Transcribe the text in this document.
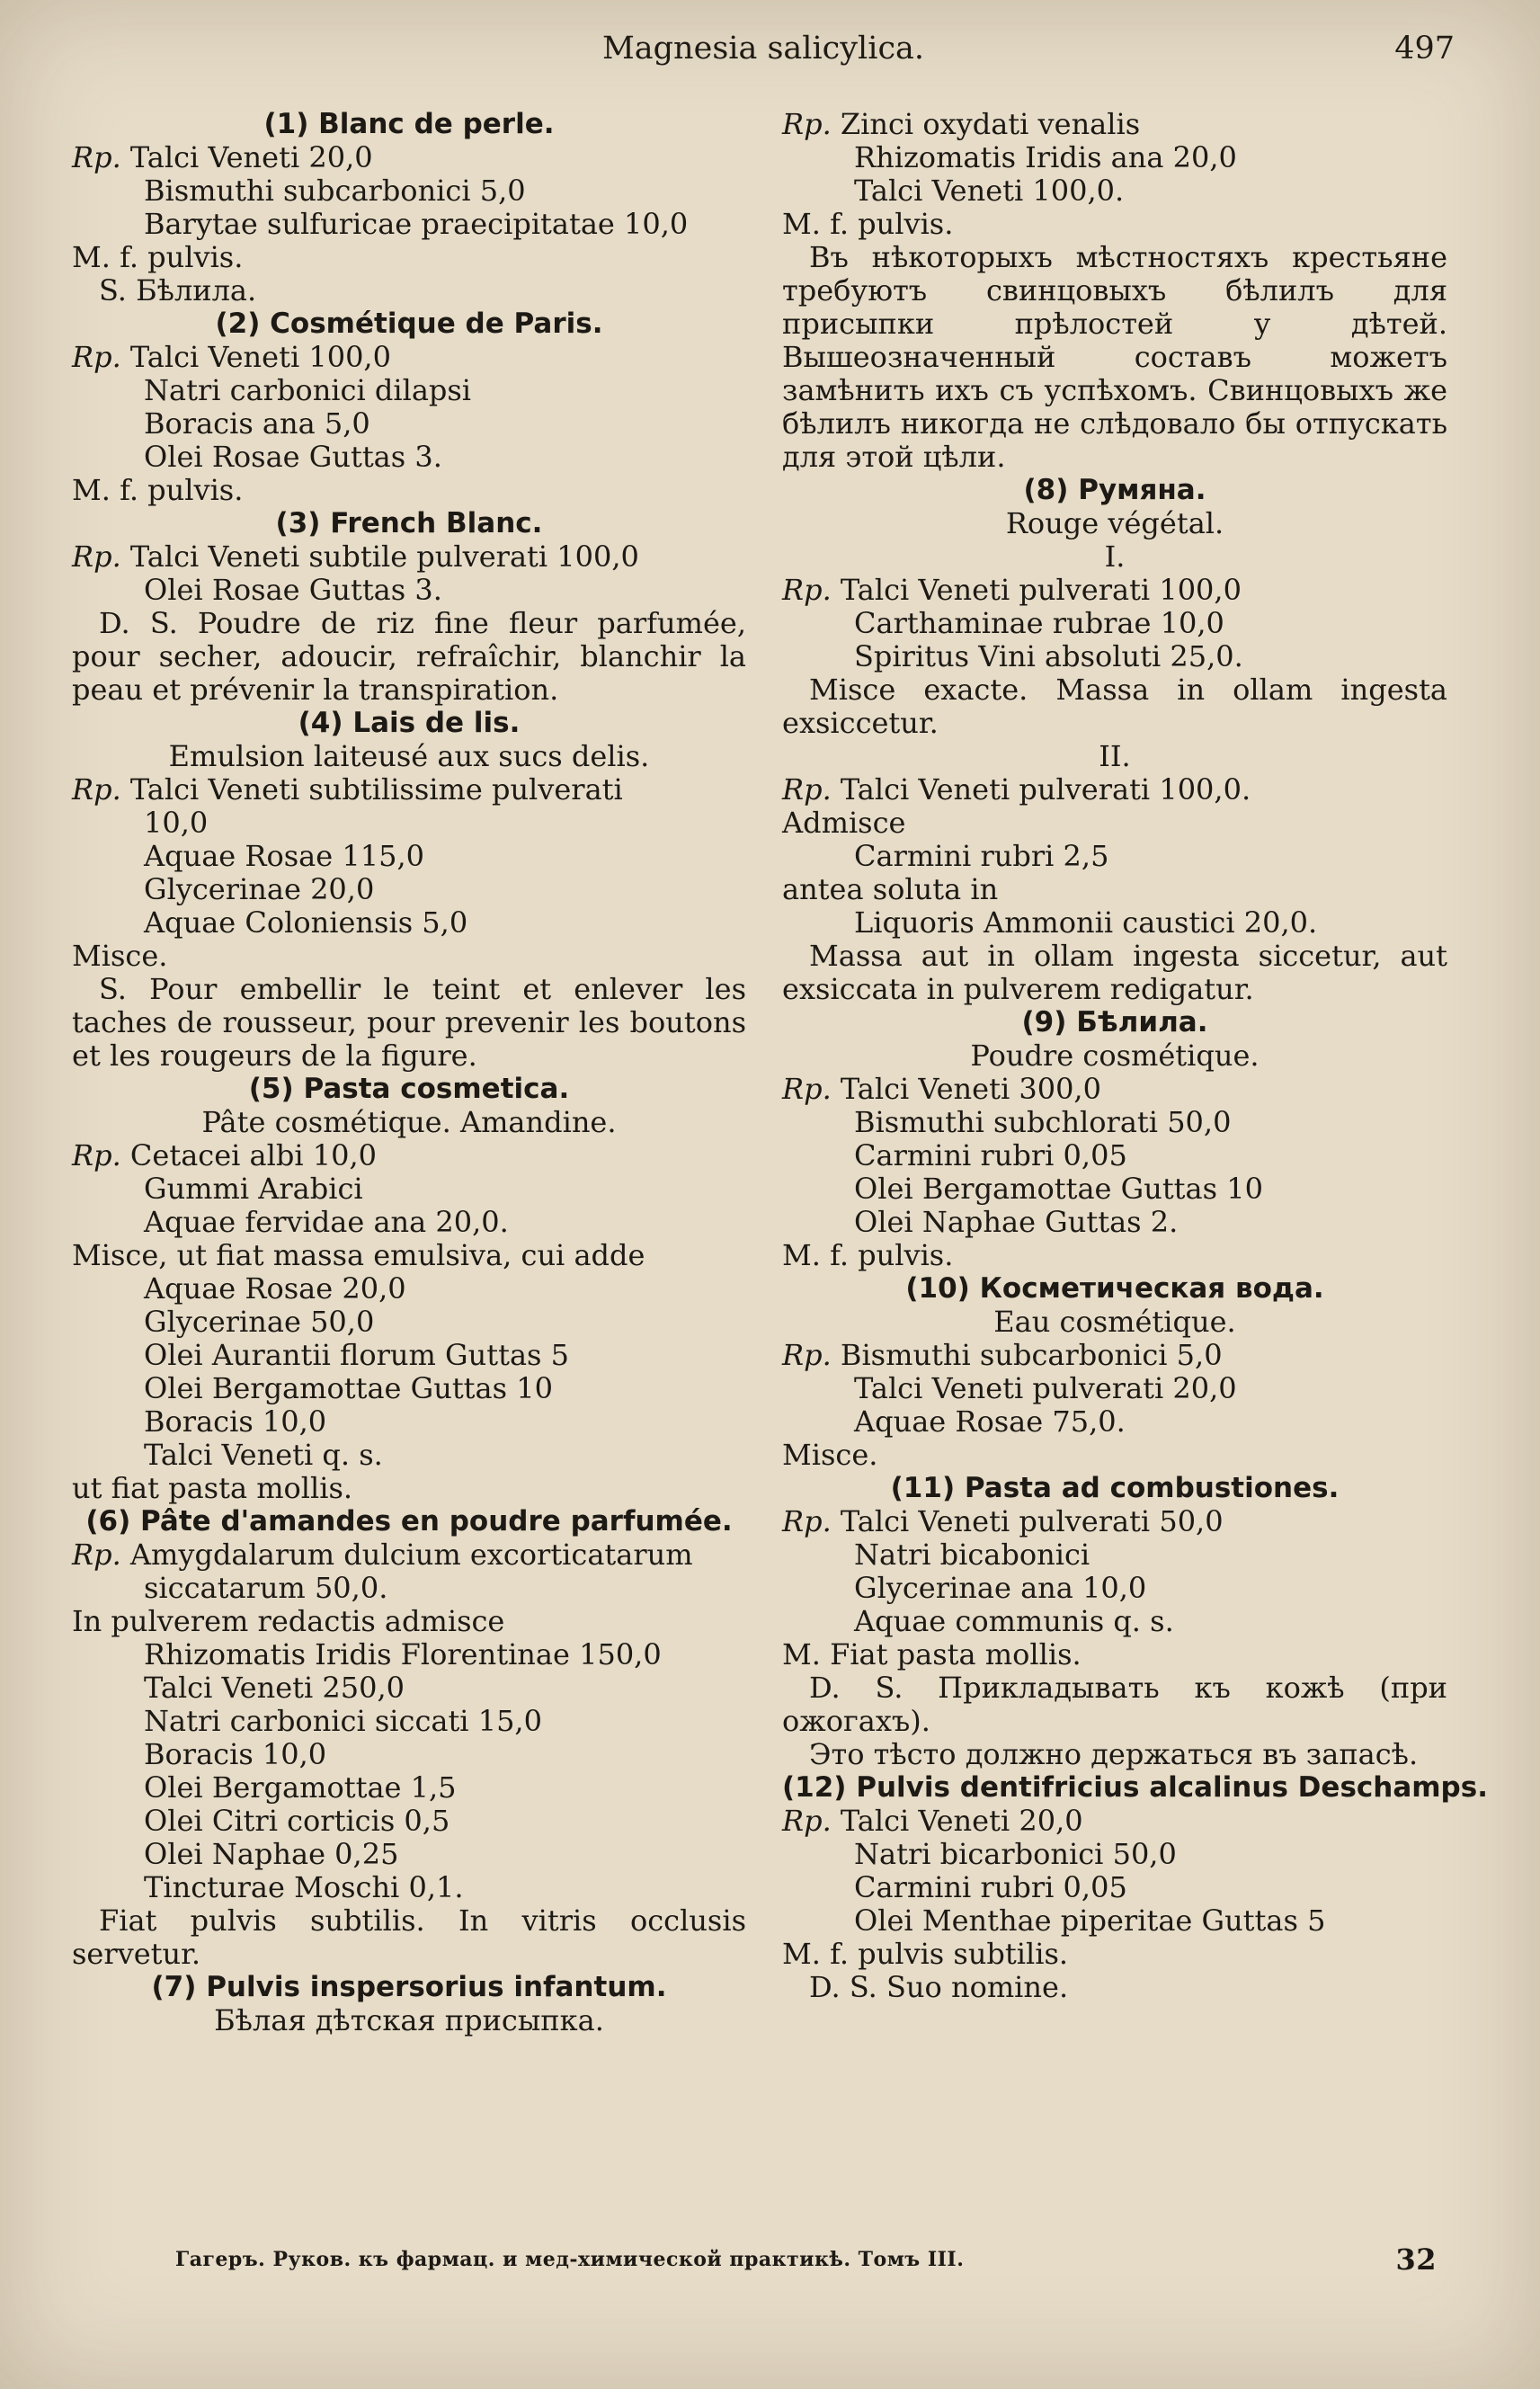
Magnesia salicylica.	497
(1) Blanc de perle.
Rp. Talci Veneti 20,0
Bismuthi subcarbonici 5,0
Barytae sulfuricae praecipitatae 10,0
M. f. pulvis.
S. Бѣлила.
(2) Cosmétique de Paris.
Rp. Talci Veneti 100,0
Natri carbonici dilapsi
Boracis ana 5,0
Olei Rosae Guttas 3.
M. f. pulvis.
(3) French Blanc.
Rp. Talci Veneti subtile pulverati 100,0
Olei Rosae Guttas 3.
D. S. Poudre de riz fine fleur parfumée, pour secher, adoucir, refraîchir, blanchir la peau et prévenir la transpiration.
(4) Lais de lis.
Emulsion laiteusé aux sucs delis.
Rp. Talci Veneti subtilissime pulverati
10,0
Aquae Rosae 115,0
Glycerinae 20,0
Aquae Coloniensis 5,0
Misce.
S. Pour embellir le teint et enlever les taches de rousseur, pour prevenir les boutons et les rougeurs de la figure.
(5) Pasta cosmetica.
Pâte cosmétique. Amandine.
Rp. Cetacei albi 10,0
Gummi Arabici
Aquae fervidae ana 20,0.
Misce, ut fiat massa emulsiva, cui adde
Aquae Rosae 20,0
Glycerinae 50,0
Olei Aurantii florum Guttas 5
Olei Bergamottae Guttas 10
Boracis 10,0
Talci Veneti q. s.
ut fiat pasta mollis.
(6) Pâte d'amandes en poudre parfumée.
Rp. Amygdalarum dulcium excorticatarum
siccatarum 50,0.
In pulverem redactis admisce
Rhizomatis Iridis Florentinae 150,0
Talci Veneti 250,0
Natri carbonici siccati 15,0
Boracis 10,0
Olei Bergamottae 1,5
Olei Citri corticis 0,5
Olei Naphae 0,25
Tincturae Moschi 0,1.
Fiat pulvis subtilis. In vitris occlusis servetur.
(7) Pulvis inspersorius infantum.
Бѣлая дѣтская присыпка.
Rp. Zinci oxydati venalis
Rhizomatis Iridis ana 20,0
Talci Veneti 100,0.
M. f. pulvis.
Въ нѣкоторыхъ мѣстностяхъ крестьяне требуютъ свинцовыхъ бѣлилъ для присыпки прѣлостей у дѣтей. Вышеозначенный составъ можетъ замѣнить ихъ съ успѣхомъ. Свинцовыхъ же бѣлилъ никогда не слѣдовало бы отпускать для этой цѣли.
(8) Румяна.
Rouge végétal.
I.
Rp. Talci Veneti pulverati 100,0
Carthaminae rubrae 10,0
Spiritus Vini absoluti 25,0.
Misce exacte. Massa in ollam ingesta exsiccetur.
II.
Rp. Talci Veneti pulverati 100,0.
Admisce
Carmini rubri 2,5
antea soluta in
Liquoris Ammonii caustici 20,0.
Massa aut in ollam ingesta siccetur, aut exsiccata in pulverem redigatur.
(9) Бѣлила.
Poudre cosmétique.
Rp. Talci Veneti 300,0
Bismuthi subchlorati 50,0
Carmini rubri 0,05
Olei Bergamottae Guttas 10
Olei Naphae Guttas 2.
M. f. pulvis.
(10) Косметическая вода.
Eau cosmétique.
Rp. Bismuthi subcarbonici 5,0
Talci Veneti pulverati 20,0
Aquae Rosae 75,0.
Misce.
(11) Pasta ad combustiones.
Rp. Talci Veneti pulverati 50,0
Natri bicabonici
Glycerinae ana 10,0
Aquae communis q. s.
M. Fiat pasta mollis.
D. S. Прикладывать къ кожѣ (при ожогахъ).
Это тѣсто должно держаться въ запасѣ.
(12) Pulvis dentifricius alcalinus Deschamps.
Rp. Talci Veneti 20,0
Natri bicarbonici 50,0
Carmini rubri 0,05
Olei Menthae piperitae Guttas 5
M. f. pulvis subtilis.
D. S. Suo nomine.
Гагеръ. Руков. къ фармац. и мед-химической практикѣ. Томъ III.	32
